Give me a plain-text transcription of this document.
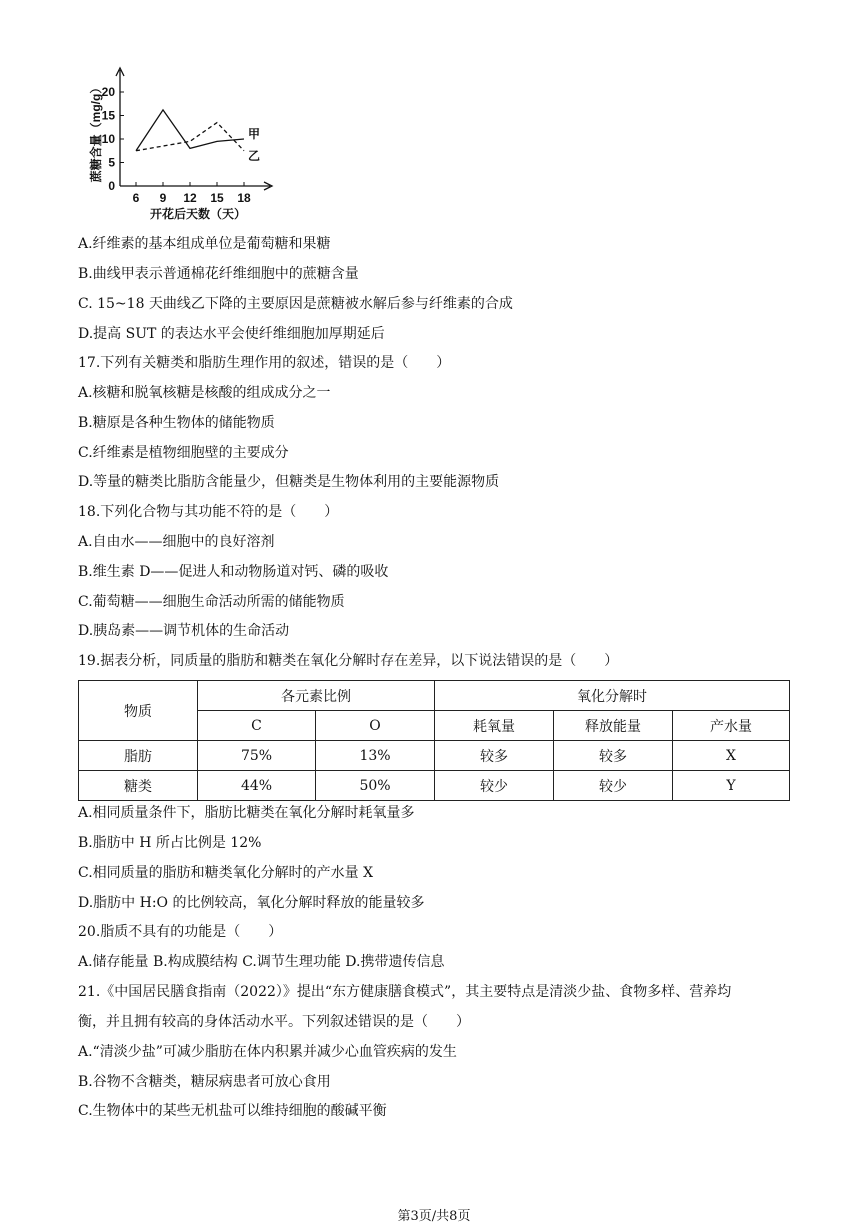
0
5
10
15
20
6 9 12 15 18
甲
乙
开花后天数（天）
蔗糖含量（mg/g）
A.纤维素的基本组成单位是葡萄糖和果糖
B.曲线甲表示普通棉花纤维细胞中的蔗糖含量
C. 15~18 天曲线乙下降的主要原因是蔗糖被水解后参与纤维素的合成
D.提高 SUT 的表达水平会使纤维细胞加厚期延后
17.下列有关糖类和脂肪生理作用的叙述，错误的是（　　）
A.核糖和脱氧核糖是核酸的组成成分之一
B.糖原是各种生物体的储能物质
C.纤维素是植物细胞壁的主要成分
D.等量的糖类比脂肪含能量少，但糖类是生物体利用的主要能源物质
18.下列化合物与其功能不符的是（　　）
A.自由水——细胞中的良好溶剂
B.维生素 D——促进人和动物肠道对钙、磷的吸收
C.葡萄糖——细胞生命活动所需的储能物质
D.胰岛素——调节机体的生命活动
19.据表分析，同质量的脂肪和糖类在氧化分解时存在差异，以下说法错误的是（　　）
物质	各元素比例		氧化分解时		
	C	O	耗氧量	释放能量	产水量
脂肪	75%	13%	较多	较多	X
糖类	44%	50%	较少	较少	Y
A.相同质量条件下，脂肪比糖类在氧化分解时耗氧量多
B.脂肪中 H 所占比例是 12%
C.相同质量的脂肪和糖类氧化分解时的产水量 X
D.脂肪中 H:O 的比例较高，氧化分解时释放的能量较多
20.脂质不具有的功能是（　　）
A.储存能量 B.构成膜结构 C.调节生理功能 D.携带遗传信息
21.《中国居民膳食指南（2022）》提出“东方健康膳食模式”，其主要特点是清淡少盐、食物多样、营养均
衡，并且拥有较高的身体活动水平。下列叙述错误的是（　　）
A.“清淡少盐”可减少脂肪在体内积累并减少心血管疾病的发生
B.谷物不含糖类，糖尿病患者可放心食用
C.生物体中的某些无机盐可以维持细胞的酸碱平衡
第3页/共8页
